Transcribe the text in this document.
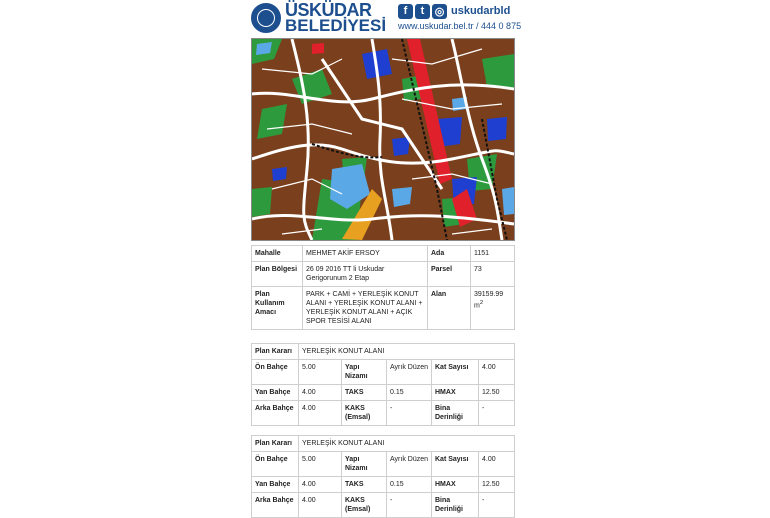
ÜSKÜDAR
BELEDİYESİ
f	t ◎ uskudarbld
www.uskudar.bel.tr / 444 0 875
Mahalle	MEHMET AKİF ERSOY	Ada	1151
Plan Bölgesi	26 09 2016 TT li Uskudar Gerigorunum 2 Etap	Parsel	73
Plan Kullanım Amacı	PARK + CAMİ + YERLEŞİK KONUT ALANI + YERLEŞİK KONUT ALANI + YERLEŞİK KONUT ALANI + AÇIK SPOR TESİSİ ALANI	Alan	39159.99 $m^2$
Plan Kararı	YERLEŞİK KONUT ALANI				
Ön Bahçe	5.00	Yapı Nizamı	Ayrık Düzen	Kat Sayısı	4.00
Yan Bahçe	4.00	TAKS	0.15	HMAX	12.50
Arka Bahçe	4.00	KAKS (Emsal)	-	Bina Derinliği	-
Plan Kararı	YERLEŞİK KONUT ALANI				
Ön Bahçe	5.00	Yapı Nizamı	Ayrık Düzen	Kat Sayısı	4.00
Yan Bahçe	4.00	TAKS	0.15	HMAX	12.50
Arka Bahçe	4.00	KAKS (Emsal)	-	Bina Derinliği	-
